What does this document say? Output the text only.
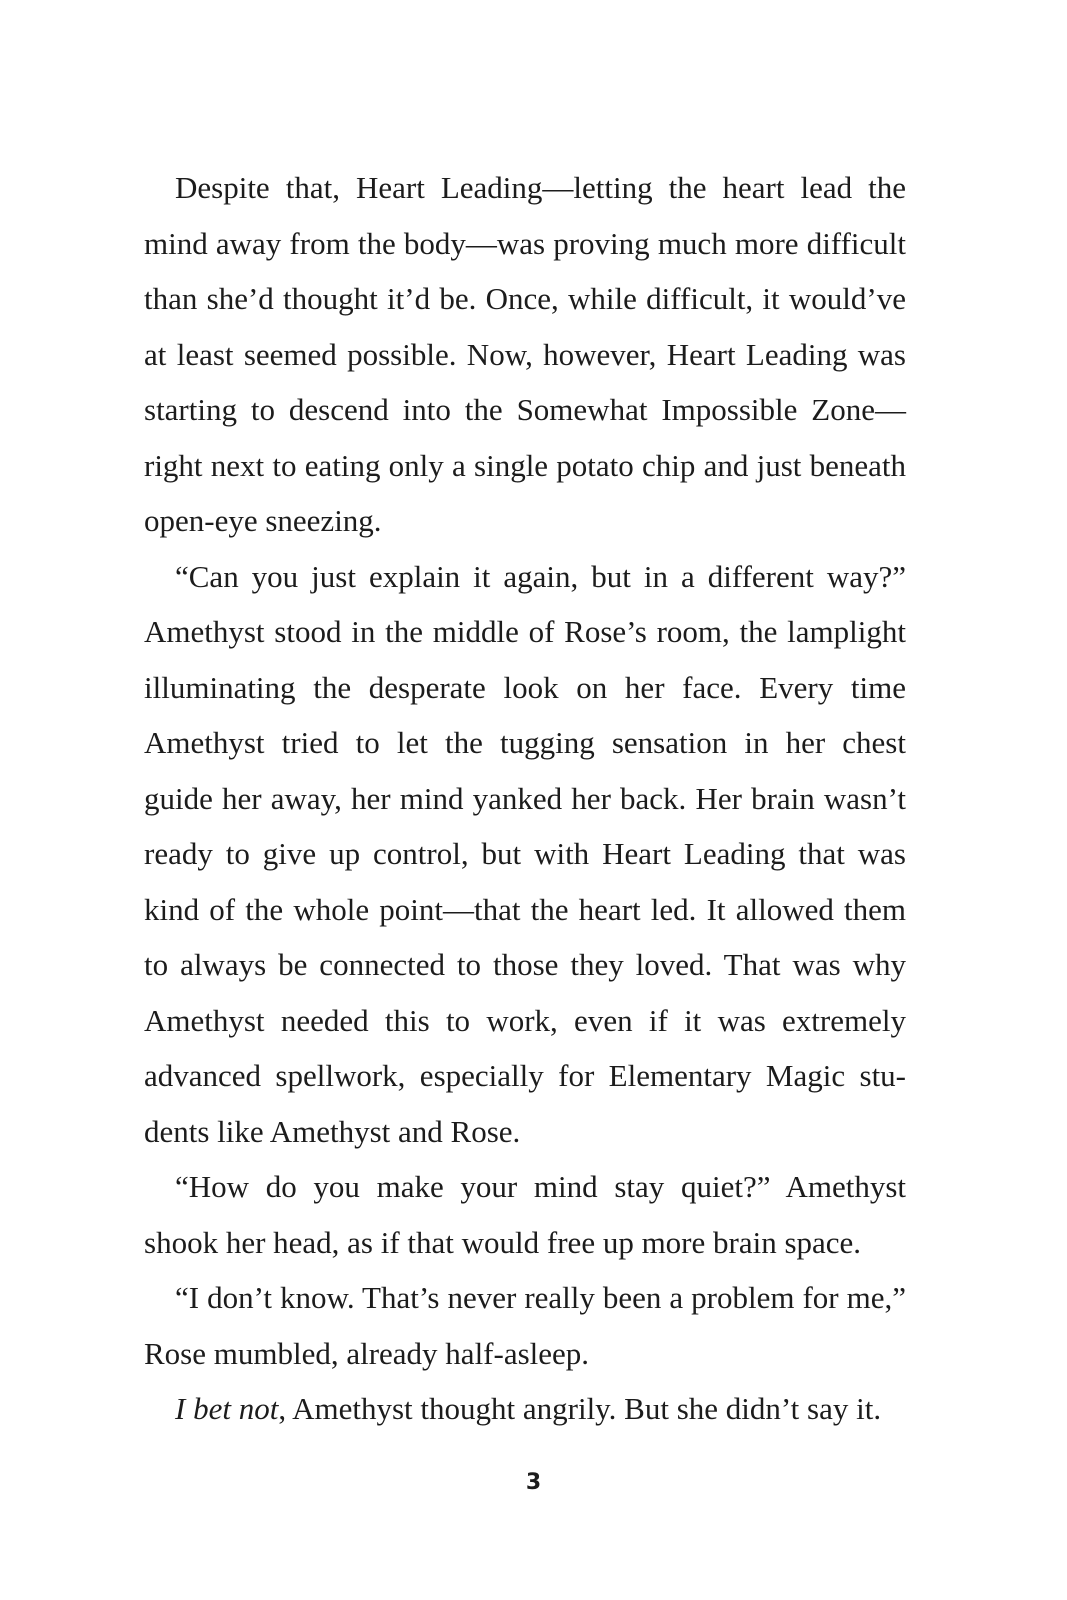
Despite that, Heart Leading—letting the heart lead the
mind away from the body—was proving much more difficult
than she’d thought it’d be. Once, while difficult, it would’ve
at least seemed possible. Now, however, Heart Leading was
starting to descend into the Somewhat Impossible Zone—
right next to eating only a single potato chip and just beneath
open-eye sneezing.
“Can you just explain it again, but in a different way?”
Amethyst stood in the middle of Rose’s room, the lamplight
illuminating the desperate look on her face. Every time
Amethyst tried to let the tugging sensation in her chest
guide her away, her mind yanked her back. Her brain wasn’t
ready to give up control, but with Heart Leading that was
kind of the whole point—that the heart led. It allowed them
to always be connected to those they loved. That was why
Amethyst needed this to work, even if it was extremely
advanced spellwork, especially for Elementary Magic stu-
dents like Amethyst and Rose.
“How do you make your mind stay quiet?” Amethyst
shook her head, as if that would free up more brain space.
“I don’t know. That’s never really been a problem for me,”
Rose mumbled, already half-asleep.
I bet not, Amethyst thought angrily. But she didn’t say it.
3
